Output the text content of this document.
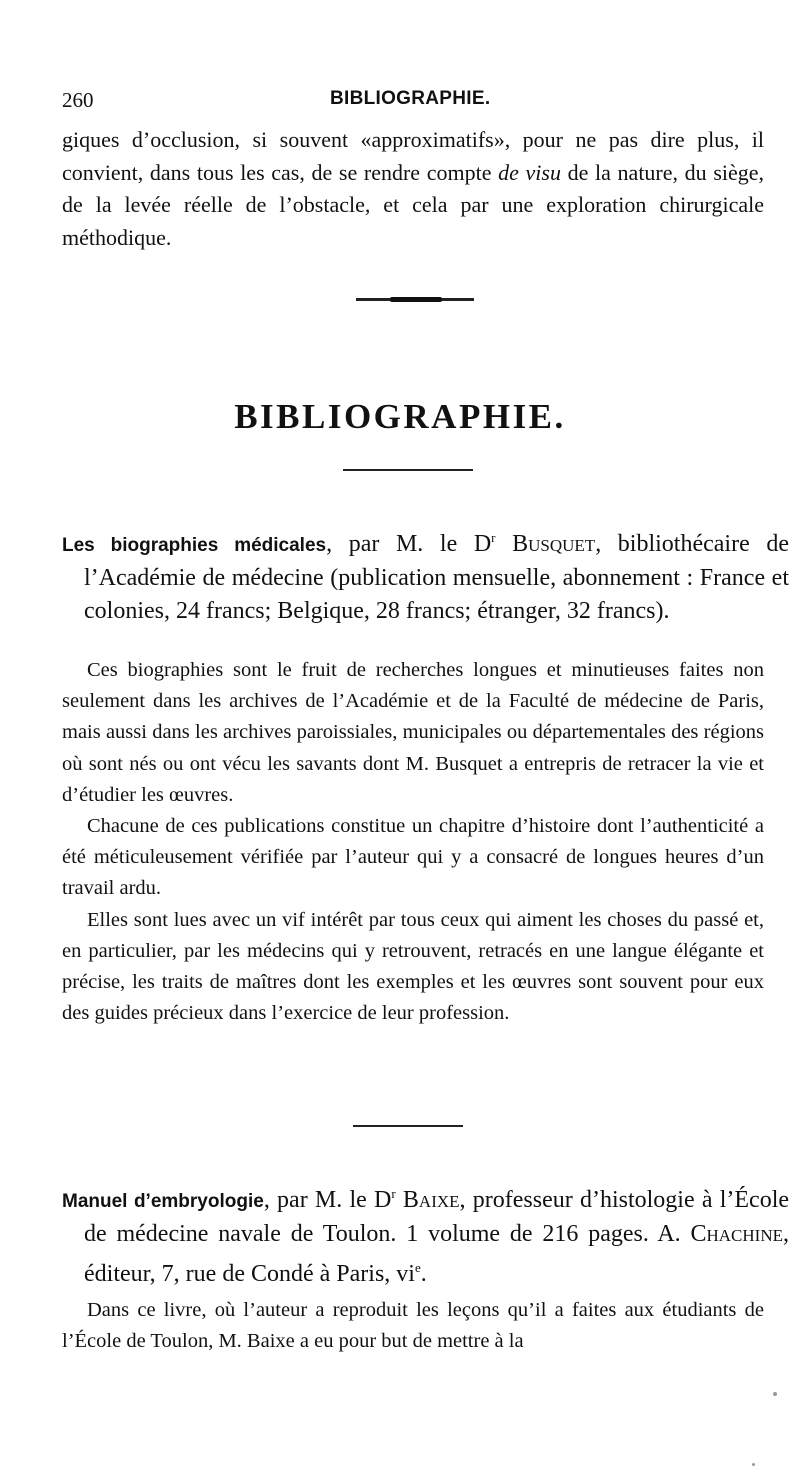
260	BIBLIOGRAPHIE.
giques d’occlusion, si souvent «approximatifs», pour ne pas dire plus, il convient, dans tous les cas, de se rendre compte de visu de la nature, du siège, de la levée réelle de l’obstacle, et cela par une exploration chirurgicale méthodique.
BIBLIOGRAPHIE.
Les biographies médicales, par M. le $D^r$ Busquet, bibliothécaire de l’Académie de médecine (publication mensuelle, abonnement : France et colonies, 24 francs; Belgique, 28 francs; étranger, 32 francs).

Ces biographies sont le fruit de recherches longues et minutieuses faites non seulement dans les archives de l’Académie et de la Faculté de médecine de Paris, mais aussi dans les archives paroissiales, municipales ou départementales des régions où sont nés ou ont vécu les savants dont M. Busquet a entrepris de retracer la vie et d’étudier les œuvres.

Chacune de ces publications constitue un chapitre d’histoire dont l’authenticité a été méticuleusement vérifiée par l’auteur qui y a consacré de longues heures d’un travail ardu.

Elles sont lues avec un vif intérêt par tous ceux qui aiment les choses du passé et, en particulier, par les médecins qui y retrouvent, retracés en une langue élégante et précise, les traits de maîtres dont les exemples et les œuvres sont souvent pour eux des guides précieux dans l’exercice de leur profession.

Manuel d’embryologie, par M. le $D^r$ Baixe, professeur d’histologie à l’École de médecine navale de Toulon. 1 volume de 216 pages. A. Chachine, éditeur, 7, rue de Condé à Paris, $vi^e$.

Dans ce livre, où l’auteur a reproduit les leçons qu’il a faites aux étudiants de l’École de Toulon, M. Baixe a eu pour but de mettre à la
